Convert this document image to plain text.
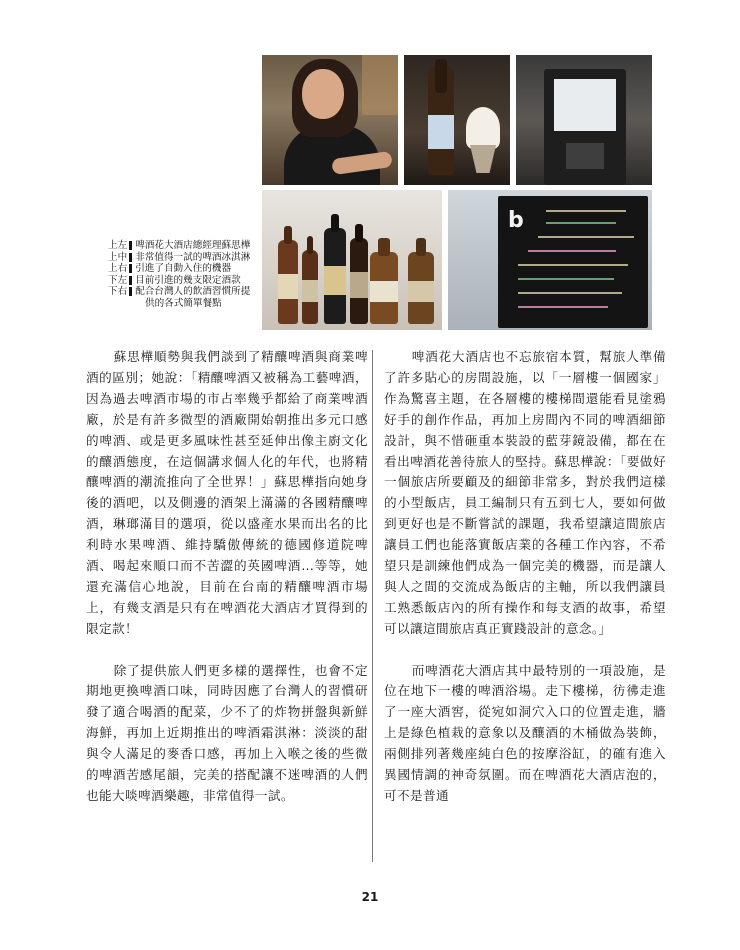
b
上左 啤酒花大酒店總經理蘇思樺
上中 非常值得一試的啤酒冰淇淋
上右 引進了自動入住的機器
下左 目前引進的幾支限定酒款
下右 配合台灣人的飲酒習慣所提
供的各式簡單餐點

蘇思樺順勢與我們談到了精釀啤酒與商業啤酒的區別；她說：「精釀啤酒又被稱為工藝啤酒，因為過去啤酒市場的市占率幾乎都給了商業啤酒廠，於是有許多微型的酒廠開始朝推出多元口感的啤酒、或是更多風味性甚至延伸出像主廚文化的釀酒態度，在這個講求個人化的年代，也將精釀啤酒的潮流推向了全世界！」蘇思樺指向她身後的酒吧，以及側邊的酒架上滿滿的各國精釀啤酒，琳瑯滿目的選項，從以盛產水果而出名的比利時水果啤酒、維持驕傲傳統的德國修道院啤酒、喝起來順口而不苦澀的英國啤酒…等等，她還充滿信心地說，目前在台南的精釀啤酒市場上，有幾支酒是只有在啤酒花大酒店才買得到的限定款！

除了提供旅人們更多樣的選擇性，也會不定期地更換啤酒口味，同時因應了台灣人的習慣研發了適合喝酒的配菜，少不了的炸物拼盤與新鮮海鮮，再加上近期推出的啤酒霜淇淋：淡淡的甜與令人滿足的麥香口感，再加上入喉之後的些微的啤酒苦感尾韻，完美的搭配讓不迷啤酒的人們也能大啖啤酒樂趣，非常值得一試。

啤酒花大酒店也不忘旅宿本質，幫旅人準備了許多貼心的房間設施，以「一層樓一個國家」作為驚喜主題，在各層樓的樓梯間還能看見塗鴉好手的創作作品，再加上房間內不同的啤酒細節設計，與不惜砸重本裝設的藍芽鏡設備，都在在看出啤酒花善待旅人的堅持。蘇思樺說：「要做好一個旅店所要顧及的細節非常多，對於我們這樣的小型飯店，員工編制只有五到七人，要如何做到更好也是不斷嘗試的課題，我希望讓這間旅店讓員工們也能落實飯店業的各種工作內容，不希望只是訓練他們成為一個完美的機器，而是讓人與人之間的交流成為飯店的主軸，所以我們讓員工熟悉飯店內的所有操作和每支酒的故事，希望可以讓這間旅店真正實踐設計的意念。」

而啤酒花大酒店其中最特別的一項設施，是位在地下一樓的啤酒浴場。走下樓梯，彷彿走進了一座大酒窖，從宛如洞穴入口的位置走進，牆上是綠色植栽的意象以及釀酒的木桶做為裝飾，兩側排列著幾座純白色的按摩浴缸，的確有進入異國情調的神奇氛圍。而在啤酒花大酒店泡的，可不是普通

21
